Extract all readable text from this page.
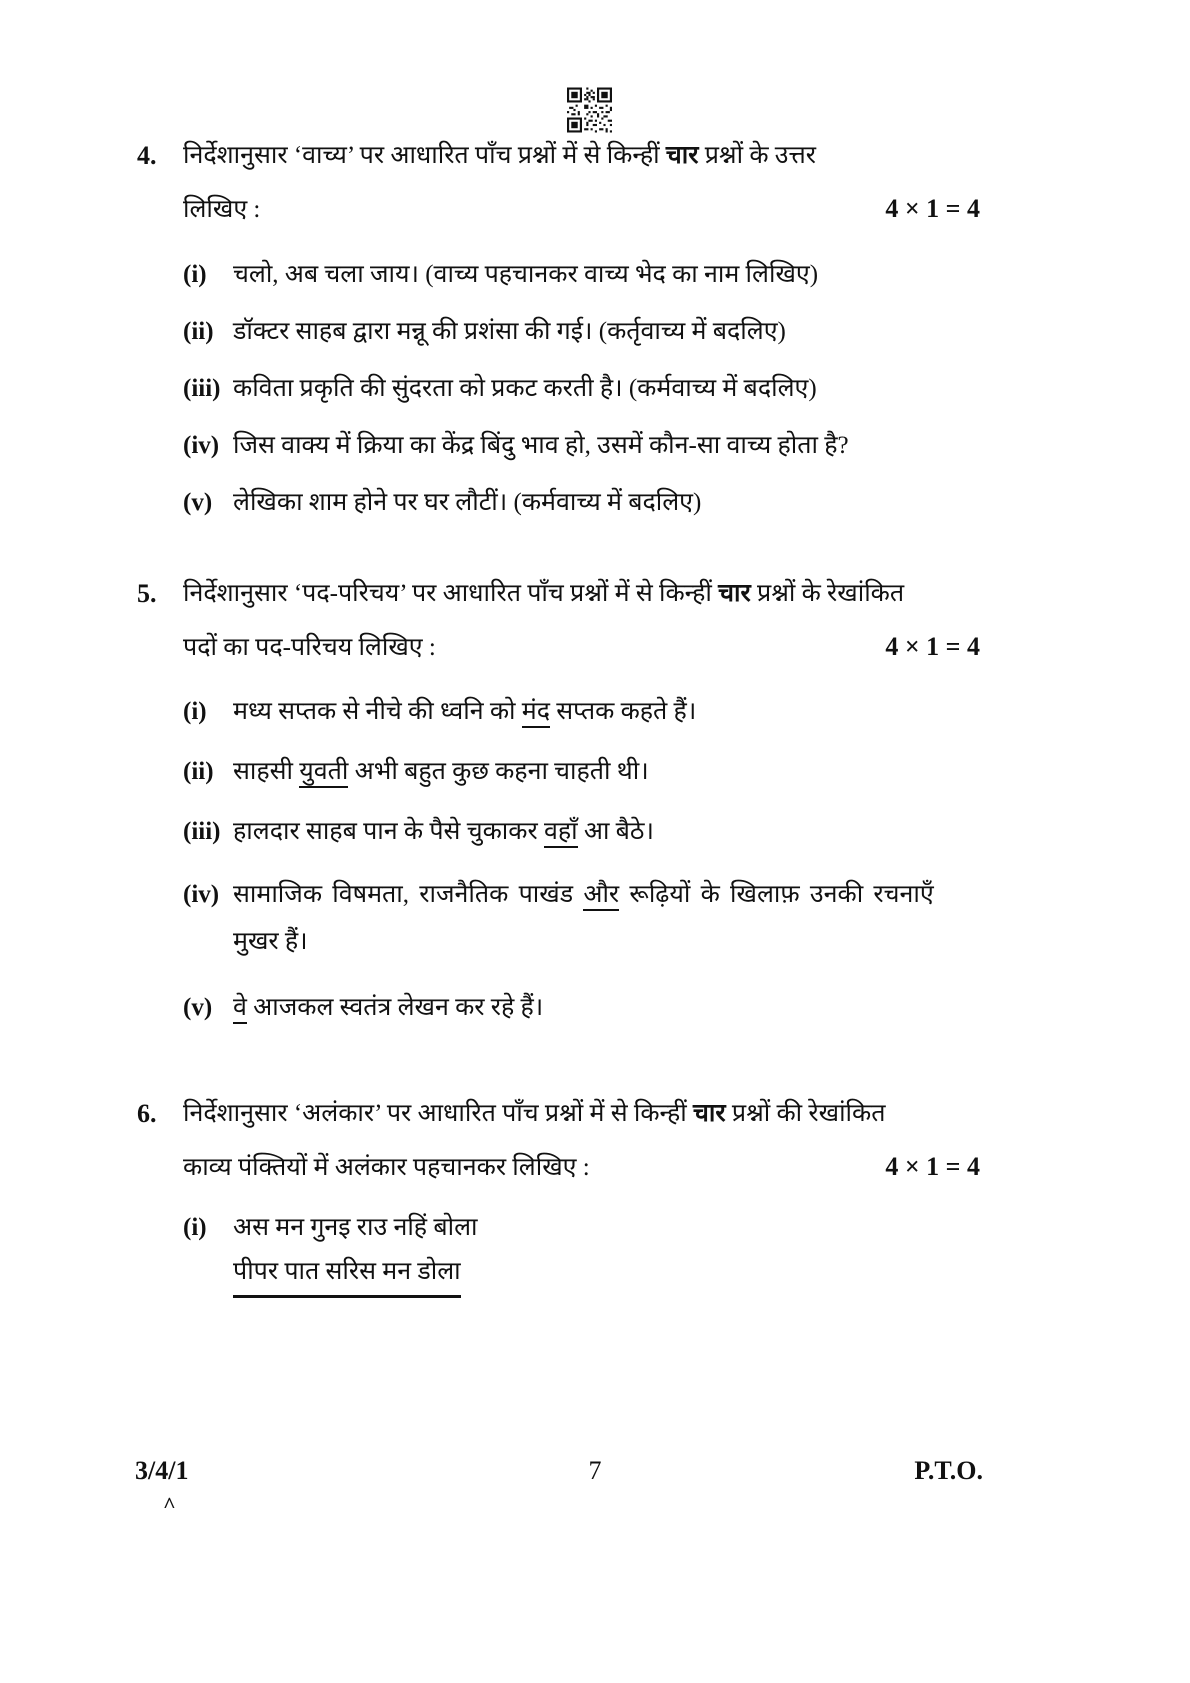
4.	निर्देशानुसार ‘वाच्य’ पर आधारित पाँच प्रश्नों में से किन्हीं चार प्रश्नों के उत्तर
लिखिए :	4 × 1 = 4
(i)	चलो, अब चला जाय। (वाच्य पहचानकर वाच्य भेद का नाम लिखिए)
(ii) डॉक्टर साहब द्वारा मन्नू की प्रशंसा की गई। (कर्तृवाच्य में बदलिए)
(iii) कविता प्रकृति की सुंदरता को प्रकट करती है। (कर्मवाच्य में बदलिए)
(iv) जिस वाक्य में क्रिया का केंद्र बिंदु भाव हो, उसमें कौन-सा वाच्य होता है?
(v) लेखिका शाम होने पर घर लौटीं। (कर्मवाच्य में बदलिए)
5.	निर्देशानुसार ‘पद-परिचय’ पर आधारित पाँच प्रश्नों में से किन्हीं चार प्रश्नों के रेखांकित
पदों का पद-परिचय लिखिए :	4 × 1 = 4
(i)	मध्य सप्तक से नीचे की ध्वनि को मंद सप्तक कहते हैं।
(ii) साहसी युवती अभी बहुत कुछ कहना चाहती थी।
(iii) हालदार साहब पान के पैसे चुकाकर वहाँ आ बैठे।
(iv) सामाजिक विषमता, राजनैतिक पाखंड और रूढ़ियों के खिलाफ़ उनकी रचनाएँ
मुखर हैं।
(v) वे आजकल स्वतंत्र लेखन कर रहे हैं।
6.	निर्देशानुसार ‘अलंकार’ पर आधारित पाँच प्रश्नों में से किन्हीं चार प्रश्नों की रेखांकित
काव्य पंक्तियों में अलंकार पहचानकर लिखिए :	4 × 1 = 4
(i)	अस मन गुनइ राउ नहिं बोला
पीपर पात सरिस मन डोला
3/4/1	7	P.T.O.
^
